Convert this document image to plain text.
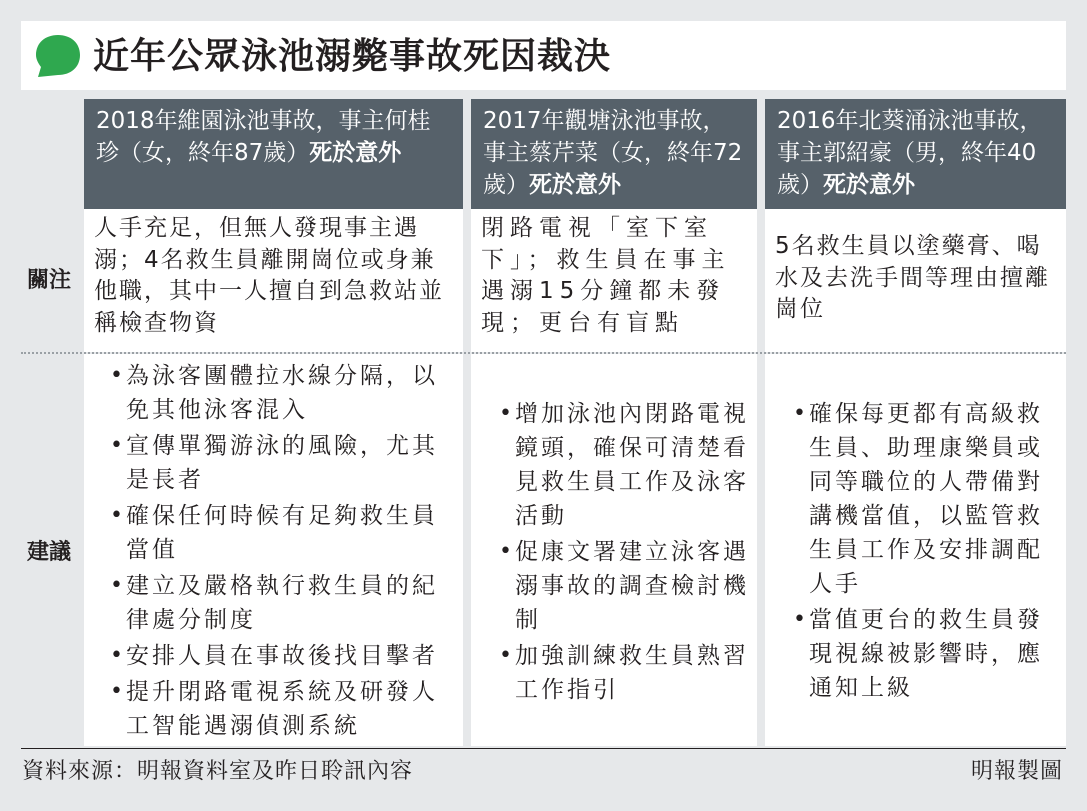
近年公眾泳池溺斃事故死因裁決
2018年維園泳池事故，事主何桂珍（女，終年87歲）死於意外
2017年觀塘泳池事故，事主蔡芹菜（女，終年72歲）死於意外
2016年北葵涌泳池事故，事主郭紹豪（男，終年40歲）死於意外
關注
建議
人手充足，但無人發現事主遇溺；4名救生員離開崗位或身兼他職，其中一人擅自到急救站並稱檢查物資
閉路電視「室下室下」；救生員在事主遇溺15分鐘都未發現；更台有盲點
5名救生員以塗藥膏、喝水及去洗手間等理由擅離崗位
• 為泳客團體拉水線分隔，以免其他泳客混入
• 宣傳單獨游泳的風險，尤其是長者
• 確保任何時候有足夠救生員當值
• 建立及嚴格執行救生員的紀律處分制度
• 安排人員在事故後找目擊者
• 提升閉路電視系統及研發人工智能遇溺偵測系統
• 增加泳池內閉路電視鏡頭，確保可清楚看見救生員工作及泳客活動
• 促康文署建立泳客遇溺事故的調查檢討機制
• 加強訓練救生員熟習工作指引
• 確保每更都有高級救生員、助理康樂員或同等職位的人帶備對講機當值，以監管救生員工作及安排調配人手
• 當值更台的救生員發現視線被影響時，應通知上級
資料來源：明報資料室及昨日聆訊內容	明報製圖
